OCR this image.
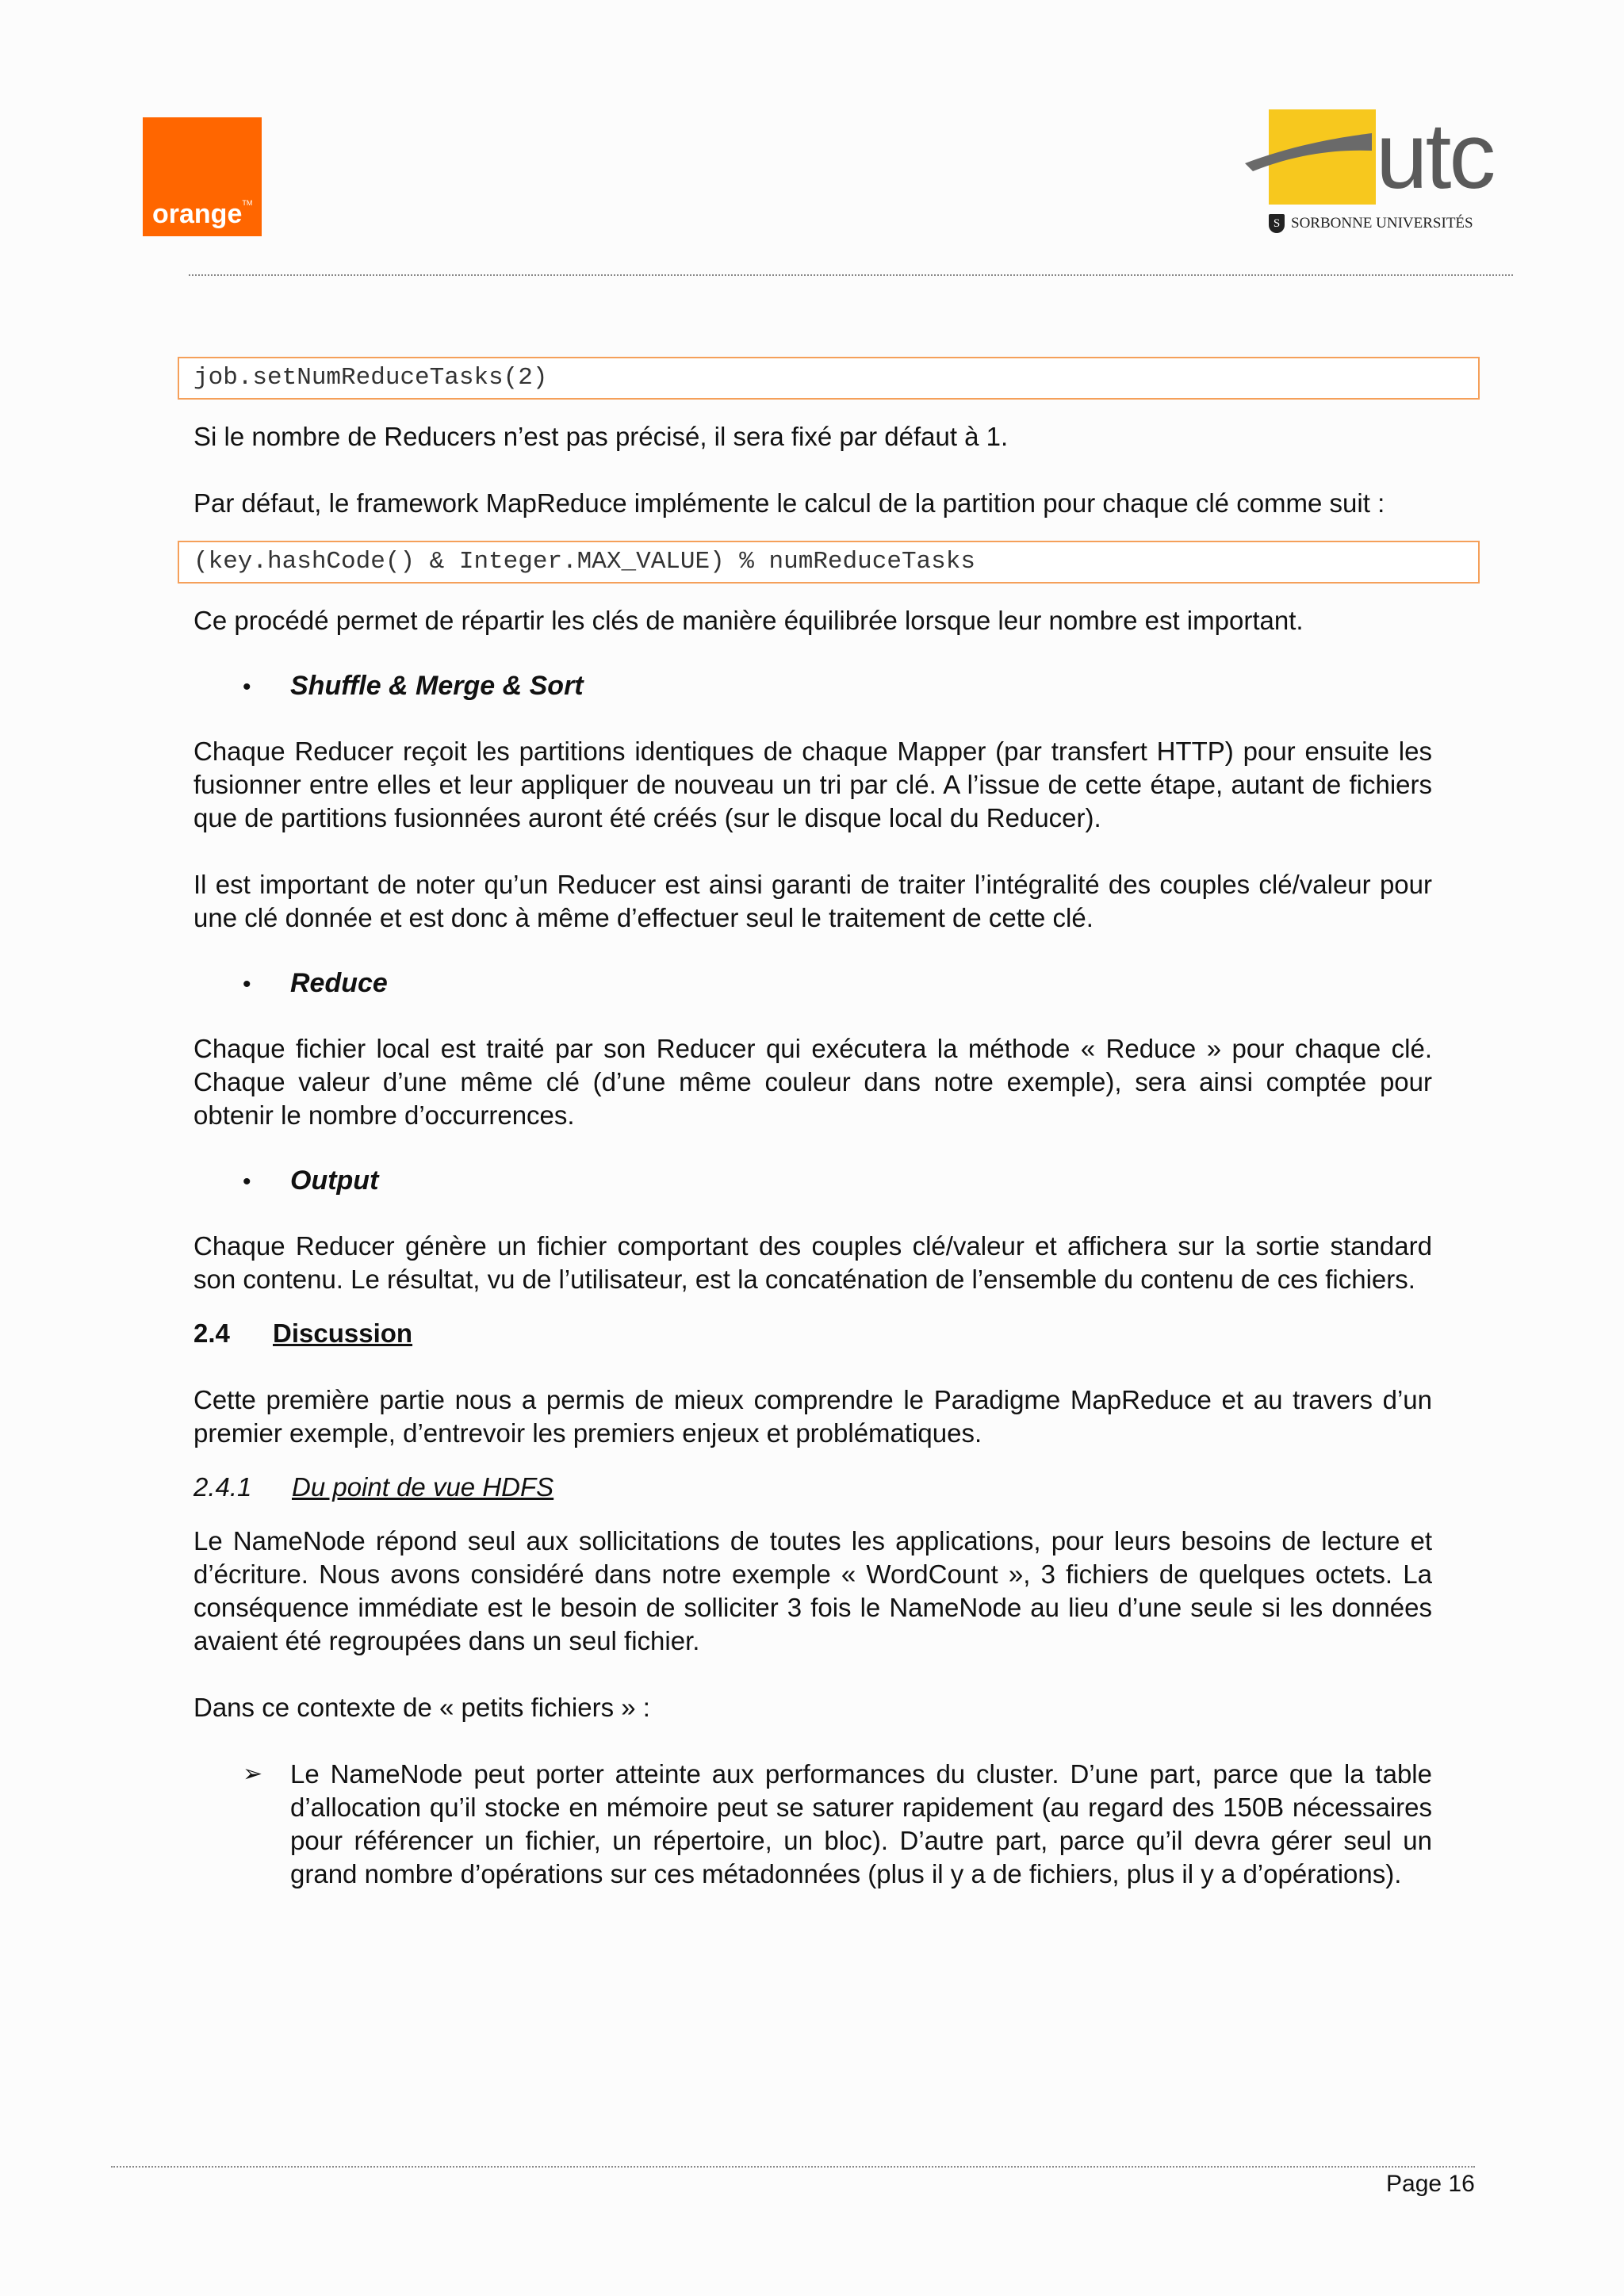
orange™	utc
S SORBONNE UNIVERSITÉS
job.setNumReduceTasks(2)

Si le nombre de Reducers n’est pas précisé, il sera fixé par défaut à 1.

Par défaut, le framework MapReduce implémente le calcul de la partition pour chaque clé comme suit :

(key.hashCode() & Integer.MAX_VALUE) % numReduceTasks

Ce procédé permet de répartir les clés de manière équilibrée lorsque leur nombre est important.

•	Shuffle & Merge & Sort

Chaque Reducer reçoit les partitions identiques de chaque Mapper (par transfert HTTP) pour ensuite les fusionner entre elles et leur appliquer de nouveau un tri par clé. A l’issue de cette étape, autant de fichiers que de partitions fusionnées auront été créés (sur le disque local du Reducer).

Il est important de noter qu’un Reducer est ainsi garanti de traiter l’intégralité des couples clé/valeur pour une clé donnée et est donc à même d’effectuer seul le traitement de cette clé.

•	Reduce

Chaque fichier local est traité par son Reducer qui exécutera la méthode « Reduce » pour chaque clé. Chaque valeur d’une même clé (d’une même couleur dans notre exemple), sera ainsi comptée pour obtenir le nombre d’occurrences.

•	Output

Chaque Reducer génère un fichier comportant des couples clé/valeur et affichera sur la sortie standard son contenu. Le résultat, vu de l’utilisateur, est la concaténation de l’ensemble du contenu de ces fichiers.

2.4	Discussion

Cette première partie nous a permis de mieux comprendre le Paradigme MapReduce et au travers d’un premier exemple, d’entrevoir les premiers enjeux et problématiques.

2.4.1	Du point de vue HDFS

Le NameNode répond seul aux sollicitations de toutes les applications, pour leurs besoins de lecture et d’écriture. Nous avons considéré dans notre exemple « WordCount », 3 fichiers de quelques octets. La conséquence immédiate est le besoin de solliciter 3 fois le NameNode au lieu d’une seule si les données avaient été regroupées dans un seul fichier.

Dans ce contexte de « petits fichiers » :

➢	Le NameNode peut porter atteinte aux performances du cluster. D’une part, parce que la table d’allocation qu’il stocke en mémoire peut se saturer rapidement (au regard des 150B nécessaires pour référencer un fichier, un répertoire, un bloc). D’autre part, parce qu’il devra gérer seul un grand nombre d’opérations sur ces métadonnées (plus il y a de fichiers, plus il y a d’opérations).

Page 16
